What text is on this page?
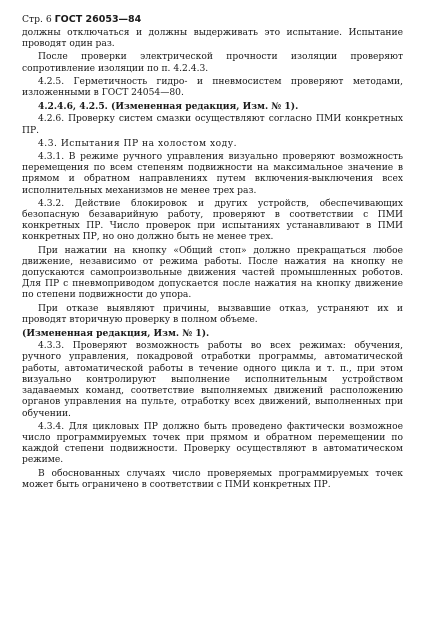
Стр. 6 ГОСТ 26053—84

должны отключаться и должны выдерживать это испытание. Испытание проводят один раз.

После проверки электрической прочности изоляции проверяют сопротивление изоляции по п. 4.2.4.3.

4.2.5. Герметичность гидро- и пневмосистем проверяют методами, изложенными в ГОСТ 24054—80.

4.2.4.6, 4.2.5. (Измененная редакция, Изм. № 1).

4.2.6. Проверку систем смазки осуществляют согласно ПМИ конкретных ПР.

4.3. Испытания ПР на холостом ходу.

4.3.1. В режиме ручного управления визуально проверяют возможность перемещения по всем степеням подвижности на максимальное значение в прямом и обратном направлениях путем включения-выключения всех исполнительных механизмов не менее трех раз.

4.3.2. Действие блокировок и других устройств, обеспечивающих безопасную безаварийную работу, проверяют в соответствии с ПМИ конкретных ПР. Число проверок при испытаниях устанавливают в ПМИ конкретных ПР, но оно должно быть не менее трех.

При нажатии на кнопку «Общий стоп» должно прекращаться любое движение, независимо от режима работы. После нажатия на кнопку не допускаются самопроизвольные движения частей промышленных роботов. Для ПР с пневмоприводом допускается после нажатия на кнопку движение по степени подвижности до упора.

При отказе выявляют причины, вызвавшие отказ, устраняют их и проводят вторичную проверку в полном объеме.

(Измененная редакция, Изм. № 1).

4.3.3. Проверяют возможность работы во всех режимах: обучения, ручного управления, покадровой отработки программы, автоматической работы, автоматической работы в течение одного цикла и т. п., при этом визуально контролируют выполнение исполнительным устройством задаваемых команд, соответствие выполняемых движений расположению органов управления на пульте, отработку всех движений, выполненных при обучении.

4.3.4. Для цикловых ПР должно быть проведено фактически возможное число программируемых точек при прямом и обратном перемещении по каждой степени подвижности. Проверку осуществляют в автоматическом режиме.

В обоснованных случаях число проверяемых программируемых точек может быть ограничено в соответствии с ПМИ конкретных ПР.
